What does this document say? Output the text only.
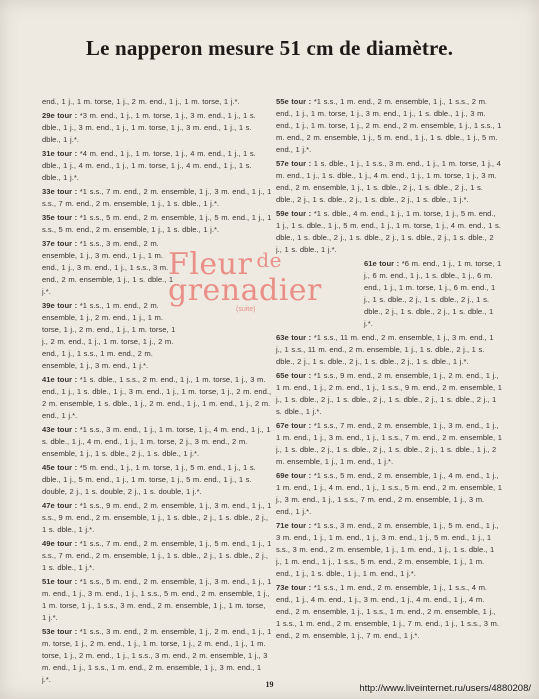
Le napperon mesure 51 cm de diamètre.

end., 1 j., 1 m. torse, 1 j., 2 m. end., 1 j., 1 m. torse, 1 j.*.

29e tour : *3 m. end., 1 j., 1 m. torse, 1 j., 3 m. end., 1 j., 1 s. dble., 1 j., 3 m. end., 1 j., 1 m. torse, 1 j., 3 m. end., 1 j., 1 s. dble., 1 j.*.

31e tour : *4 m. end., 1 j., 1 m. torse, 1 j., 4 m. end., 1 j., 1 s. dble., 1 j., 4 m. end., 1 j., 1 m. torse, 1 j., 4 m. end., 1 j., 1 s. dble., 1 j.*.

33e tour : *1 s.s., 7 m. end., 2 m. ensemble, 1 j., 3 m. end., 1 j., 1 s.s., 7 m. end., 2 m. ensemble, 1 j., 1 s. dble., 1 j.*.

35e tour : *1 s.s., 5 m. end., 2 m. ensemble, 1 j., 5 m. end., 1 j., 1 s.s., 5 m. end., 2 m. ensemble, 1 j., 1 s. dble., 1 j.*.

37e tour : *1 s.s., 3 m. end., 2 m. ensemble, 1 j., 3 m. end., 1 j., 1 m. end., 1 j., 3 m. end., 1 j., 1 s.s., 3 m. end., 2 m. ensemble, 1 j., 1 s. dble., 1 j.*.

39e tour : *1 s.s., 1 m. end., 2 m. ensemble, 1 j., 2 m. end., 1 j., 1 m. torse, 1 j., 2 m. end., 1 j., 1 m. torse, 1 j., 2 m. end., 1 j., 1 m. torse, 1 j., 2 m. end., 1 j., 1 s.s., 1 m. end., 2 m. ensemble, 1 j., 3 m. end., 1 j.*.

41e tour : *1 s. dble., 1 s.s., 2 m. end., 1 j., 1 m. torse, 1 j., 3 m. end., 1 j., 1 s. dble., 1 j., 3 m. end., 1 j., 1 m. torse, 1 j., 2 m. end., 2 m. ensemble, 1 s. dble., 1 j., 2 m. end., 1 j., 1 m. end., 1 j., 2 m. end., 1 j.*.

43e tour : *1 s.s., 3 m. end., 1 j., 1 m. torse, 1 j., 4 m. end., 1 j., 1 s. dble., 1 j., 4 m. end., 1 j., 1 m. torse, 2 j., 3 m. end., 2 m. ensemble, 1 j., 1 s. dble., 2 j., 1 s. dble., 1 j.*.

45e tour : *5 m. end., 1 j., 1 m. torse, 1 j., 5 m. end., 1 j., 1 s. dble., 1 j., 5 m. end., 1 j., 1 m. torse, 1 j., 5 m. end., 1 j., 1 s. double, 2 j., 1 s. double, 2 j., 1 s. double, 1 j.*.

47e tour : *1 s.s., 9 m. end., 2 m. ensemble, 1 j., 3 m. end., 1 j., 1 s.s., 9 m. end., 2 m. ensemble, 1 j., 1 s. dble., 2 j., 1 s. dble., 2 j., 1 s. dble., 1 j.*.

49e tour : *1 s.s., 7 m. end., 2 m. ensemble, 1 j., 5 m. end., 1 j., 1 s.s., 7 m. end., 2 m. ensemble, 1 j., 1 s. dble., 2 j., 1 s. dble., 2 j., 1 s. dble., 1 j.*.

51e tour : *1 s.s., 5 m. end., 2 m. ensemble, 1 j., 3 m. end., 1 j., 1 m. end., 1 j., 3 m. end., 1 j., 1 s.s., 5 m. end., 2 m. ensemble, 1 j., 1 m. torse, 1 j., 1 s.s., 3 m. end., 2 m. ensemble, 1 j., 1 m. torse, 1 j.*.

53e tour : *1 s.s., 3 m. end., 2 m. ensemble, 1 j., 2 m. end., 1 j., 1 m. torse, 1 j., 2 m. end., 1 j., 1 m. torse, 1 j., 2 m. end., 1 j., 1 m. torse, 1 j., 2 m. end., 1 j., 1 s.s., 3 m. end., 2 m. ensemble, 1 j., 3 m. end., 1 j., 1 s.s., 1 m. end., 2 m. ensemble, 1 j., 3 m. end., 1 j.*.

Fleur $^{de}$
grenadier
(suite)

55e tour : *1 s.s., 1 m. end., 2 m. ensemble, 1 j., 1 s.s., 2 m. end., 1 j., 1 m. torse, 1 j., 3 m. end., 1 j., 1 s. dble., 1 j., 3 m. end., 1 j., 1 m. torse, 1 j., 2 m. end., 2 m. ensemble, 1 j., 1 s.s., 1 m. end., 2 m. ensemble, 1 j., 5 m. end., 1 j., 1 s. dble., 1 j., 5 m. end., 1 j.*.

57e tour : 1 s. dble., 1 j., 1 s.s., 3 m. end., 1 j., 1 m. torse, 1 j., 4 m. end., 1 j., 1 s. dble., 1 j., 4 m. end., 1 j., 1 m. torse, 1 j., 3 m. end., 2 m. ensemble, 1 j., 1 s. dble., 2 j., 1 s. dble., 2 j., 1 s. dble., 2 j., 1 s. dble., 2 j., 1 s. dble., 2 j., 1 s. dble., 1 j.*.

59e tour : *1 s. dble., 4 m. end., 1 j., 1 m. torse, 1 j., 5 m. end., 1 j., 1 s. dble., 1 j., 5 m. end., 1 j., 1 m. torse, 1 j., 4 m. end., 1 s. dble., 1 s. dble., 2 j., 1 s. dble., 2 j., 1 s. dble., 2 j., 1 s. dble., 2 j., 1 s. dble., 1 j.*.

61e tour : *6 m. end., 1 j., 1 m. torse, 1 j., 6 m. end., 1 j., 1 s. dble., 1 j., 6 m. end., 1 j., 1 m. torse, 1 j., 6 m. end., 1 j., 1 s. dble., 2 j., 1 s. dble., 2 j., 1 s. dble., 2 j., 1 s. dble., 2 j., 1 s. dble., 1 j.*.

63e tour : *1 s.s., 11 m. end., 2 m. ensemble, 1 j., 3 m. end., 1 j., 1 s.s., 11 m. end., 2 m. ensemble, 1 j., 1 s. dble., 2 j., 1 s. dble., 2 j., 1 s. dble., 2 j., 1 s. dble., 2 j., 1 s. dble., 1 j.*.

65e tour : *1 s.s., 9 m. end., 2 m. ensemble, 1 j., 2 m. end., 1 j., 1 m. end., 1 j., 2 m. end., 1 j., 1 s.s., 9 m. end., 2 m. ensemble, 1 j., 1 s. dble., 2 j., 1 s. dble., 2 j., 1 s. dble., 2 j., 1 s. dble., 2 j., 1 s. dble., 1 j.*.

67e tour : *1 s.s., 7 m. end., 2 m. ensemble, 1 j., 3 m. end., 1 j., 1 m. end., 1 j., 3 m. end., 1 j., 1 s.s., 7 m. end., 2 m. ensemble, 1 j., 1 s. dble., 2 j., 1 s. dble., 2 j., 1 s. dble., 2 j., 1 s. dble., 1 j., 2 m. ensemble, 1 j., 1 m. end., 1 j.*.

69e tour : *1 s.s., 5 m. end., 2 m. ensemble, 1 j., 4 m. end., 1 j., 1 m. end., 1 j., 4 m. end., 1 j., 1 s.s., 5 m. end., 2 m. ensemble, 1 j., 3 m. end., 1 j., 1 s.s., 7 m. end., 2 m. ensemble, 1 j., 3 m. end., 1 j.*.

71e tour : *1 s.s., 3 m. end., 2 m. ensemble, 1 j., 5 m. end., 1 j., 3 m. end., 1 j., 1 m. end., 1 j., 3 m. end., 1 j., 5 m. end., 1 j., 1 s.s., 3 m. end., 2 m. ensemble, 1 j., 1 m. end., 1 j., 1 s. dble., 1 j., 1 m. end., 1 j., 1 s.s., 5 m. end., 2 m. ensemble, 1 j., 1 m. end., 1 j., 1 s. dble., 1 j., 1 m. end., 1 j.*.

73e tour : *1 s.s., 1 m. end., 2 m. ensemble, 1 j., 1 s.s., 4 m. end., 1 j., 4 m. end., 1 j., 3 m. end., 1 j., 4 m. end., 1 j., 4 m. end., 2 m. ensemble, 1 j., 1 s.s., 1 m. end., 2 m. ensemble, 1 j., 1 s.s., 1 m. end., 2 m. ensemble, 1 j., 7 m. end., 1 j., 1 s.s., 3 m. end., 2 m. ensemble, 1 j., 7 m. end., 1 j.*.

19	http://www.liveinternet.ru/users/4880208/
